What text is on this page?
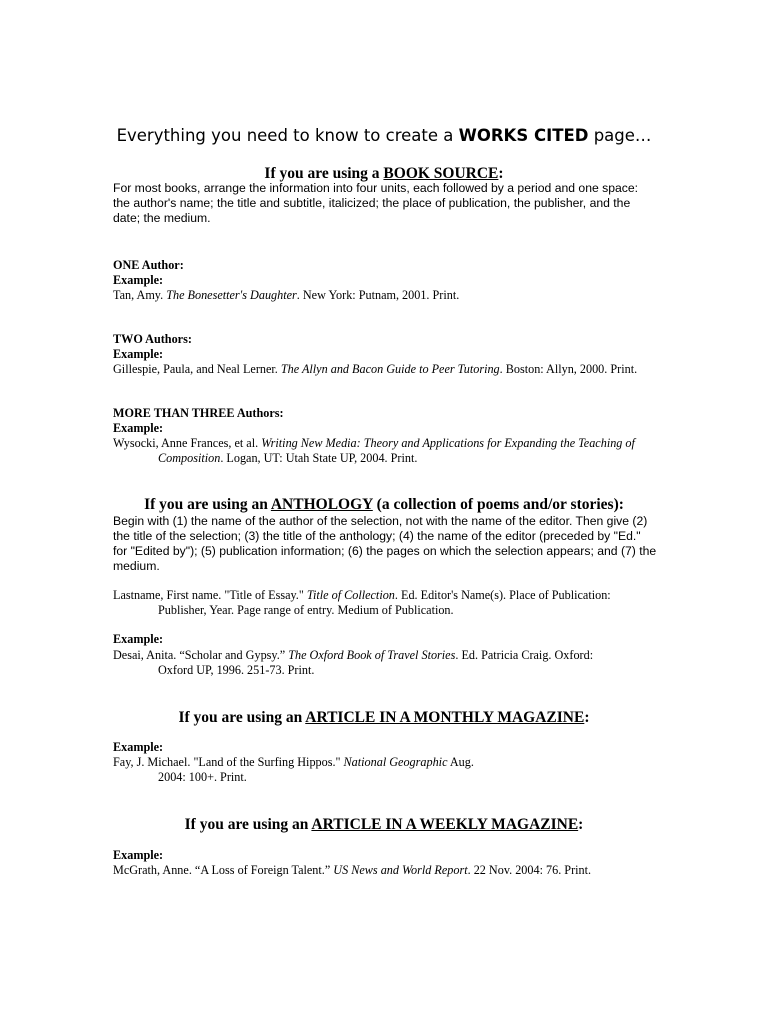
Everything you need to know to create a WORKS CITED page…
If you are using a BOOK SOURCE:
For most books, arrange the information into four units, each followed by a period and one space: the author's name; the title and subtitle, italicized; the place of publication, the publisher, and the date; the medium.
ONE Author:
Example:
Tan, Amy. The Bonesetter's Daughter. New York: Putnam, 2001. Print.
TWO Authors:
Example:
Gillespie, Paula, and Neal Lerner. The Allyn and Bacon Guide to Peer Tutoring. Boston: Allyn, 2000. Print.
MORE THAN THREE Authors:
Example:
Wysocki, Anne Frances, et al. Writing New Media: Theory and Applications for Expanding the Teaching of
Composition. Logan, UT: Utah State UP, 2004. Print.
If you are using an ANTHOLOGY (a collection of poems and/or stories):
Begin with (1) the name of the author of the selection, not with the name of the editor. Then give (2) the title of the selection; (3) the title of the anthology; (4) the name of the editor (preceded by "Ed." for "Edited by"); (5) publication information; (6) the pages on which the selection appears; and (7) the medium.
Lastname, First name. "Title of Essay." Title of Collection. Ed. Editor's Name(s). Place of Publication:
Publisher, Year. Page range of entry. Medium of Publication.
Example:
Desai, Anita. “Scholar and Gypsy.” The Oxford Book of Travel Stories. Ed. Patricia Craig. Oxford:
Oxford UP, 1996. 251-73. Print.
If you are using an ARTICLE IN A MONTHLY MAGAZINE:
Example:
Fay, J. Michael. "Land of the Surfing Hippos." National Geographic Aug.
2004: 100+. Print.
If you are using an ARTICLE IN A WEEKLY MAGAZINE:
Example:
McGrath, Anne. “A Loss of Foreign Talent.” US News and World Report. 22 Nov. 2004: 76. Print.
